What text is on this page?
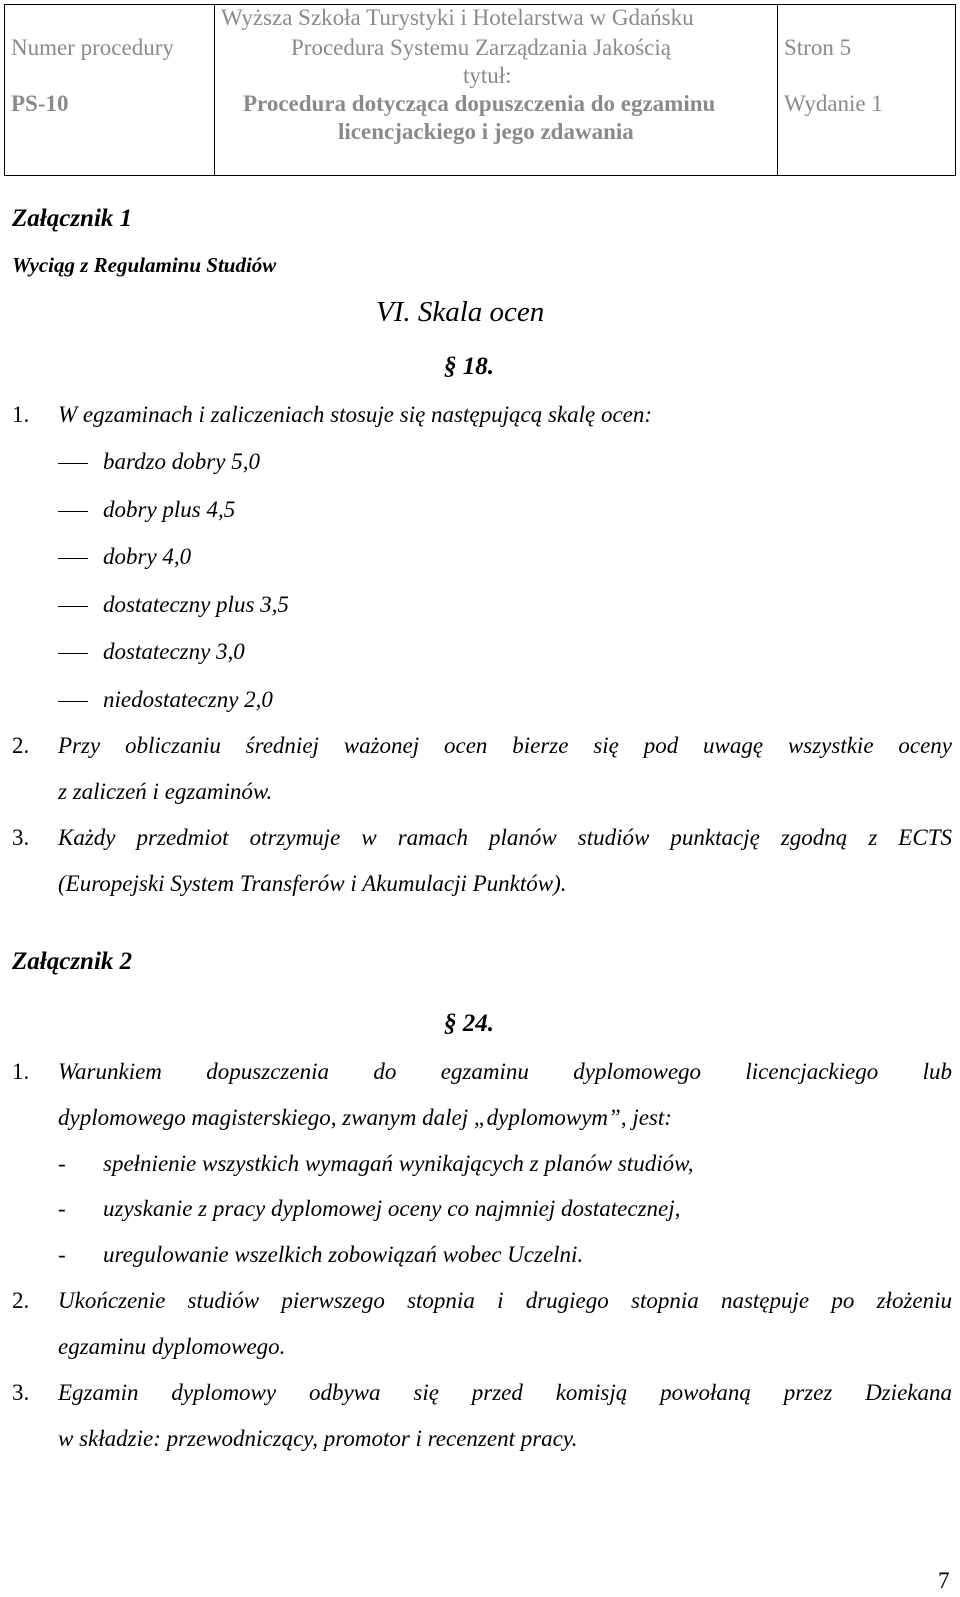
Wyższa Szkoła Turystyki i Hotelarstwa w Gdańsku
Numer procedury
PS-10
Procedura Systemu Zarządzania Jakością
tytuł:
Procedura dotycząca dopuszczenia do egzaminu
licencjackiego i jego zdawania
Stron 5
Wydanie 1
Załącznik 1
Wyciąg z Regulaminu Studiów
VI. Skala ocen
§ 18.
1. W egzaminach i zaliczeniach stosuje się następującą skalę ocen:
bardzo dobry 5,0
dobry plus 4,5
dobry 4,0
dostateczny plus 3,5
dostateczny 3,0
niedostateczny 2,0
2. Przy obliczaniu średniej ważonej ocen bierze się pod uwagę wszystkie oceny
z zaliczeń i egzaminów.
3. Każdy przedmiot otrzymuje w ramach planów studiów punktację zgodną z ECTS
(Europejski System Transferów i Akumulacji Punktów).
Załącznik 2
§ 24.
1. Warunkiem dopuszczenia do egzaminu dyplomowego licencjackiego lub
dyplomowego magisterskiego, zwanym dalej „dyplomowym”, jest:
- spełnienie wszystkich wymagań wynikających z planów studiów,
- uzyskanie z pracy dyplomowej oceny co najmniej dostatecznej,
- uregulowanie wszelkich zobowiązań wobec Uczelni.
2. Ukończenie studiów pierwszego stopnia i drugiego stopnia następuje po złożeniu
egzaminu dyplomowego.
3. Egzamin dyplomowy odbywa się przed komisją powołaną przez Dziekana
w składzie: przewodniczący, promotor i recenzent pracy.
7
